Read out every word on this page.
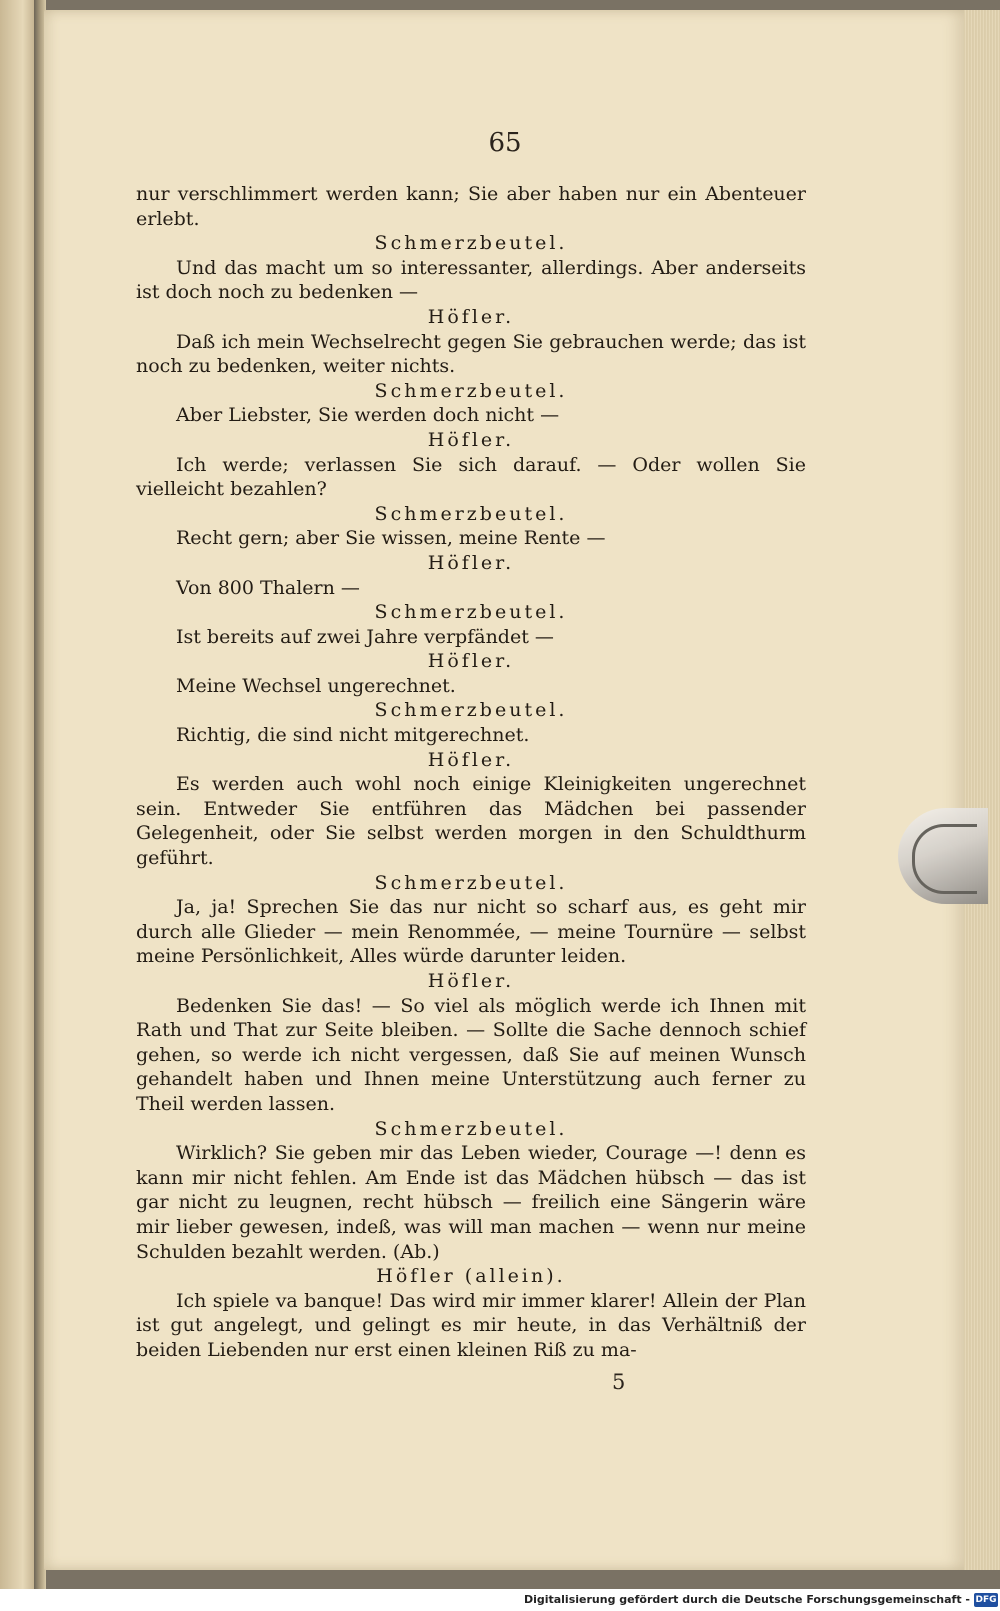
65

nur verschlimmert werden kann; Sie aber haben nur ein Abenteuer erlebt.

Schmerzbeutel.

Und das macht um so interessanter, allerdings. Aber anderseits ist doch noch zu bedenken —

Höfler.

Daß ich mein Wechselrecht gegen Sie gebrauchen werde; das ist noch zu bedenken, weiter nichts.

Schmerzbeutel.

Aber Liebster, Sie werden doch nicht —

Höfler.

Ich werde; verlassen Sie sich darauf. — Oder wollen Sie vielleicht bezahlen?

Schmerzbeutel.

Recht gern; aber Sie wissen, meine Rente —

Höfler.

Von 800 Thalern —

Schmerzbeutel.

Ist bereits auf zwei Jahre verpfändet —

Höfler.

Meine Wechsel ungerechnet.

Schmerzbeutel.

Richtig, die sind nicht mitgerechnet.

Höfler.

Es werden auch wohl noch einige Kleinigkeiten ungerechnet sein. Entweder Sie entführen das Mädchen bei passender Gelegenheit, oder Sie selbst werden morgen in den Schuldthurm geführt.

Schmerzbeutel.

Ja, ja! Sprechen Sie das nur nicht so scharf aus, es geht mir durch alle Glieder — mein Renommée, — meine Tournüre — selbst meine Persönlichkeit, Alles würde darunter leiden.

Höfler.

Bedenken Sie das! — So viel als möglich werde ich Ihnen mit Rath und That zur Seite bleiben. — Sollte die Sache dennoch schief gehen, so werde ich nicht vergessen, daß Sie auf meinen Wunsch gehandelt haben und Ihnen meine Unterstützung auch ferner zu Theil werden lassen.

Schmerzbeutel.

Wirklich? Sie geben mir das Leben wieder, Courage —! denn es kann mir nicht fehlen. Am Ende ist das Mädchen hübsch — das ist gar nicht zu leugnen, recht hübsch — freilich eine Sängerin wäre mir lieber gewesen, indeß, was will man machen — wenn nur meine Schulden bezahlt werden. (Ab.)

Höfler (allein).

Ich spiele va banque! Das wird mir immer klarer! Allein der Plan ist gut angelegt, und gelingt es mir heute, in das Verhältniß der beiden Liebenden nur erst einen kleinen Riß zu ma-

5
Digitalisierung gefördert durch die Deutsche Forschungsgemeinschaft - DFG
